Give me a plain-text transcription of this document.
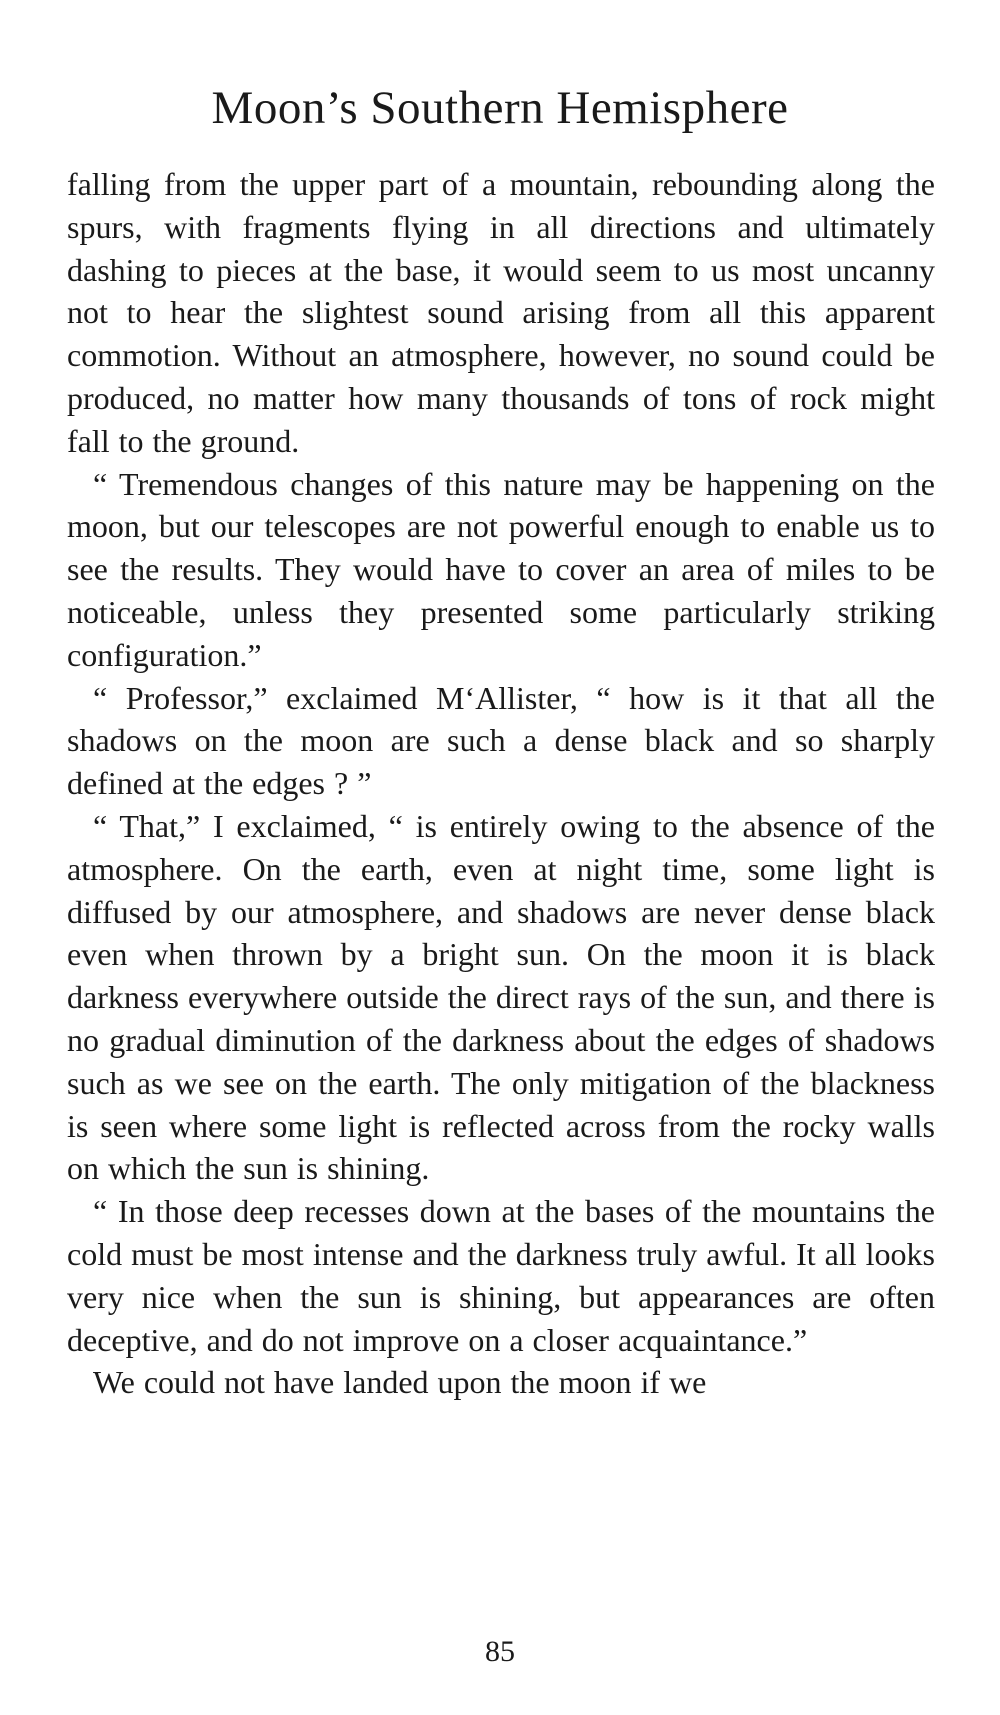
Moon’s Southern Hemisphere

falling from the upper part of a mountain, rebounding along the spurs, with fragments flying in all directions and ultimately dashing to pieces at the base, it would seem to us most uncanny not to hear the slightest sound arising from all this apparent commotion. Without an atmosphere, however, no sound could be produced, no matter how many thousands of tons of rock might fall to the ground.

“ Tremendous changes of this nature may be happening on the moon, but our telescopes are not powerful enough to enable us to see the results. They would have to cover an area of miles to be noticeable, unless they presented some particularly striking configuration.”

“ Professor,” exclaimed M‘Allister, “ how is it that all the shadows on the moon are such a dense black and so sharply defined at the edges ? ”

“ That,” I exclaimed, “ is entirely owing to the absence of the atmosphere. On the earth, even at night time, some light is diffused by our atmosphere, and shadows are never dense black even when thrown by a bright sun. On the moon it is black darkness everywhere outside the direct rays of the sun, and there is no gradual diminution of the darkness about the edges of shadows such as we see on the earth. The only mitigation of the blackness is seen where some light is reflected across from the rocky walls on which the sun is shining.

“ In those deep recesses down at the bases of the mountains the cold must be most intense and the darkness truly awful. It all looks very nice when the sun is shining, but appearances are often deceptive, and do not improve on a closer acquaintance.”

We could not have landed upon the moon if we

85
